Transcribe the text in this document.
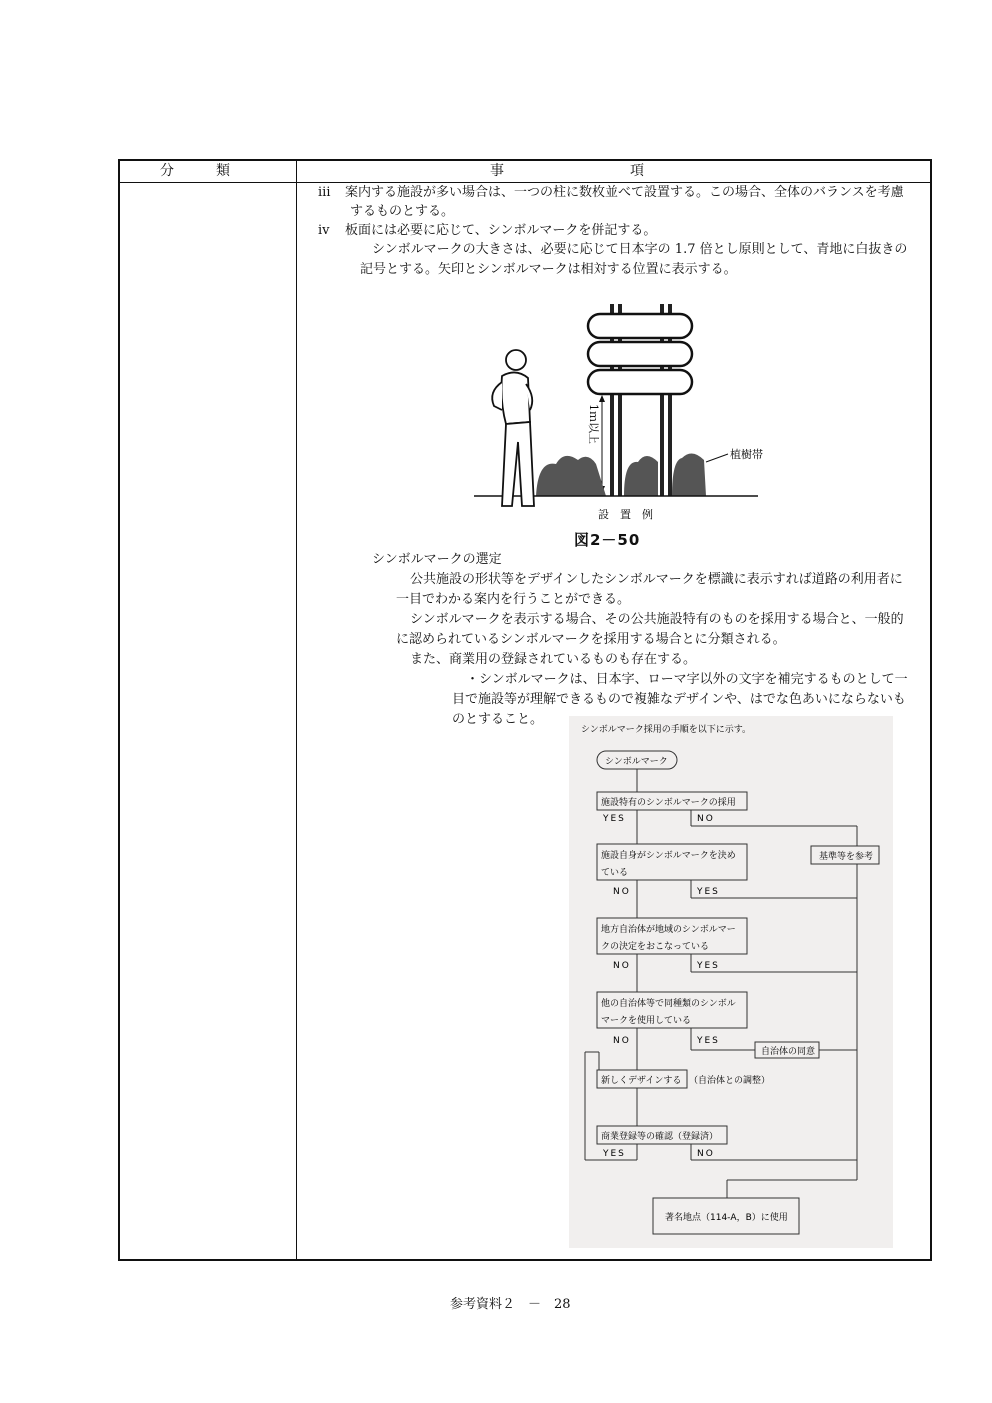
分　　　類	事　　　　　　　　　項
ⅲ 案内する施設が多い場合は、一つの柱に数枚並べて設置する。この場合、全体のバランスを考慮
するものとする。
ⅳ 板面には必要に応じて、シンボルマークを併記する。
シンボルマークの大きさは、必要に応じて日本字の 1.7 倍とし原則として、青地に白抜きの
記号とする。矢印とシンボルマークは相対する位置に表示する。
1ｍ以上
植樹帯
設　置　例
図2－50
シンボルマークの選定
公共施設の形状等をデザインしたシンボルマークを標識に表示すれば道路の利用者に
一目でわかる案内を行うことができる。
シンボルマークを表示する場合、その公共施設特有のものを採用する場合と、一般的
に認められているシンボルマークを採用する場合とに分類される。
また、商業用の登録されているものも存在する。
・シンボルマークは、日本字、ローマ字以外の文字を補完するものとして一
目で施設等が理解できるもので複雑なデザインや、はでな色あいにならないも
のとすること。
シンボルマーク採用の手順を以下に示す。
シンボルマーク
施設特有のシンボルマークの採用
YES	NO
基準等を参考
施設自身がシンボルマークを決め
ている
NO	YES
地方自治体が地域のシンボルマー
クの決定をおこなっている
NO	YES
他の自治体等で同種類のシンボル
マークを使用している
NO	YES
自治体の同意
新しくデザインする （自治体との調整）
商業登録等の確認（登録済）
YES	NO
著名地点（114-A，B）に使用
参考資料２　－　28
